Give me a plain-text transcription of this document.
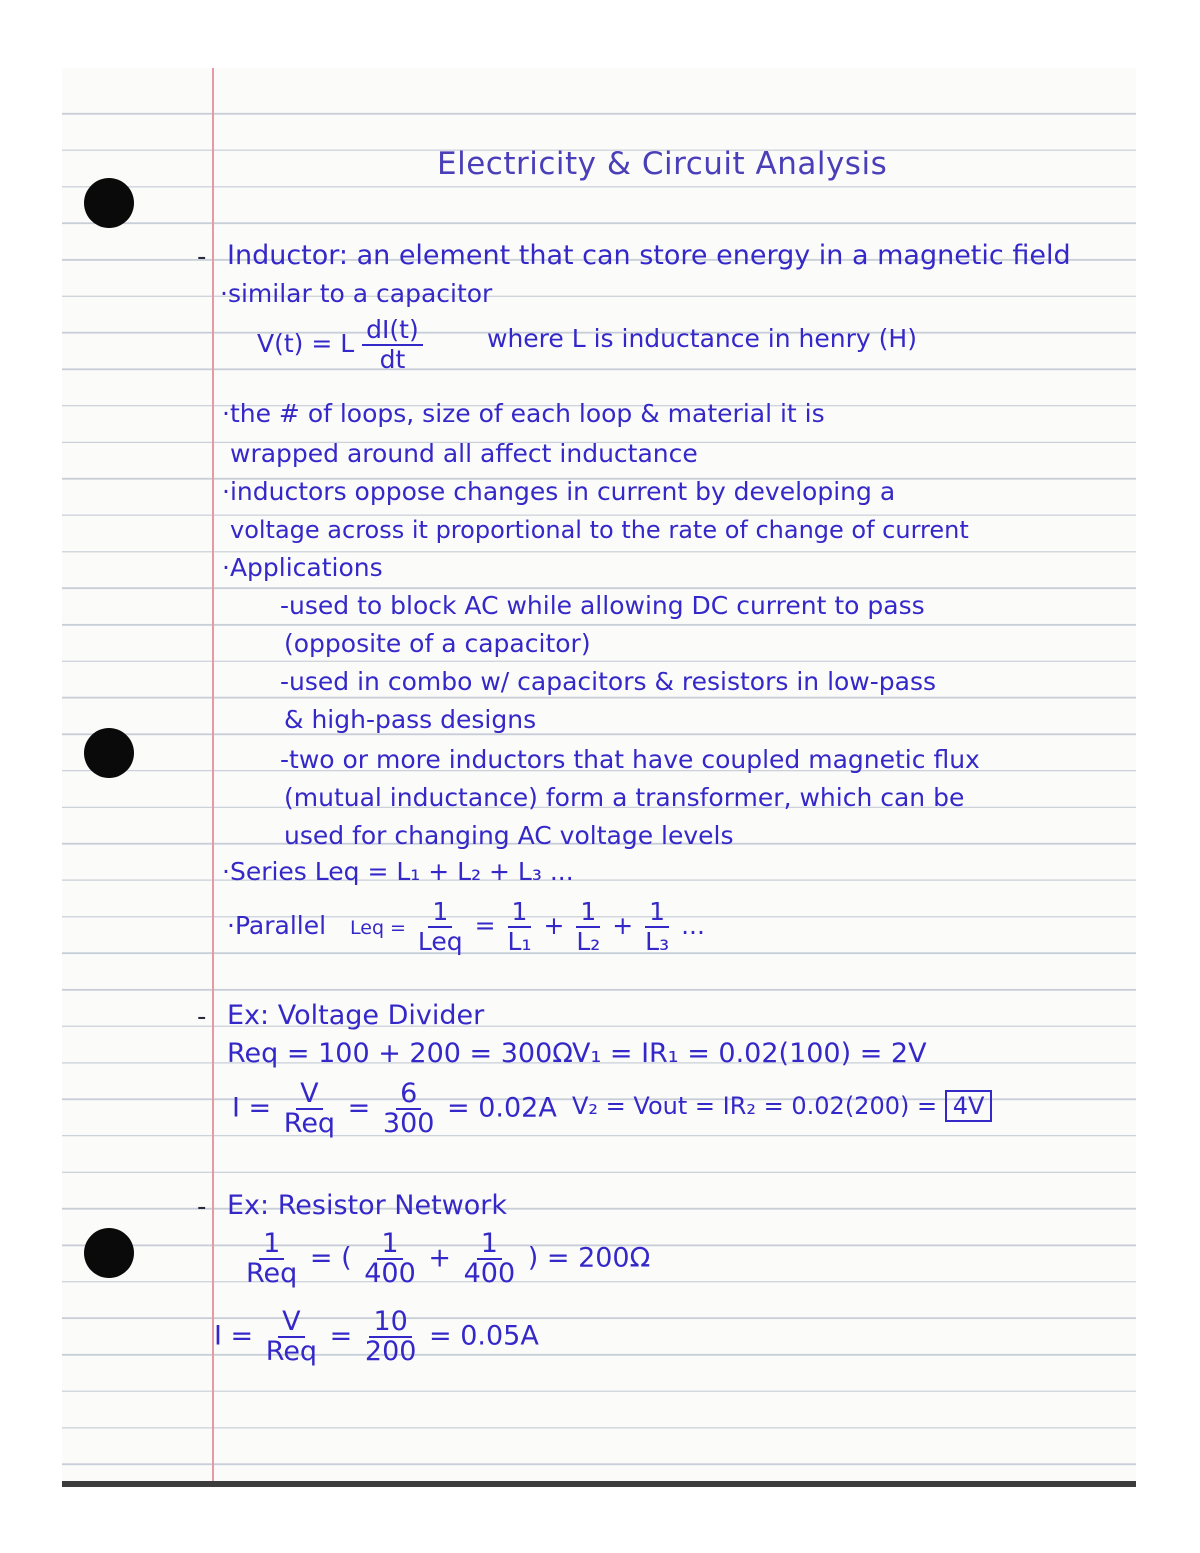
Electricity & Circuit Analysis
- Inductor: an element that can store energy in a magnetic field
·similar to a capacitor
V(t) = L $\frac{dI(t)}{dt}$	where L is inductance in henry (H)
·the # of loops, size of each loop & material it is
wrapped around all affect inductance
·inductors oppose changes in current by developing a
voltage across it proportional to the rate of change of current
·Applications
-used to block AC while allowing DC current to pass
(opposite of a capacitor)
-used in combo w/ capacitors & resistors in low-pass
& high-pass designs
-two or more inductors that have coupled magnetic flux
(mutual inductance) form a transformer, which can be
used for changing AC voltage levels
·Series Leq = L₁ + L₂ + L₃ ...
·Parallel Leq = $\frac{1}{\text{Leq}} = \frac{1}{\text{L₁}} + \frac{1}{\text{L₂}} + \frac{1}{\text{L₃}}$ ...
- Ex: Voltage Divider
Req = 100 + 200 = 300Ω V₁ = IR₁ = 0.02(100) = 2V
$I = \frac{V}{\text{Req}} = \frac{6}{300} = 0.02A$ V₂ = Vout = IR₂ = 0.02(200) = 4V
- Ex: Resistor Network
$\frac{1}{\text{Req}}$ = ( $\frac{1}{400} + \frac{1}{400}$ ) = 200Ω
$I = \frac{V}{\text{Req}} = \frac{10}{200} = 0.05A$
